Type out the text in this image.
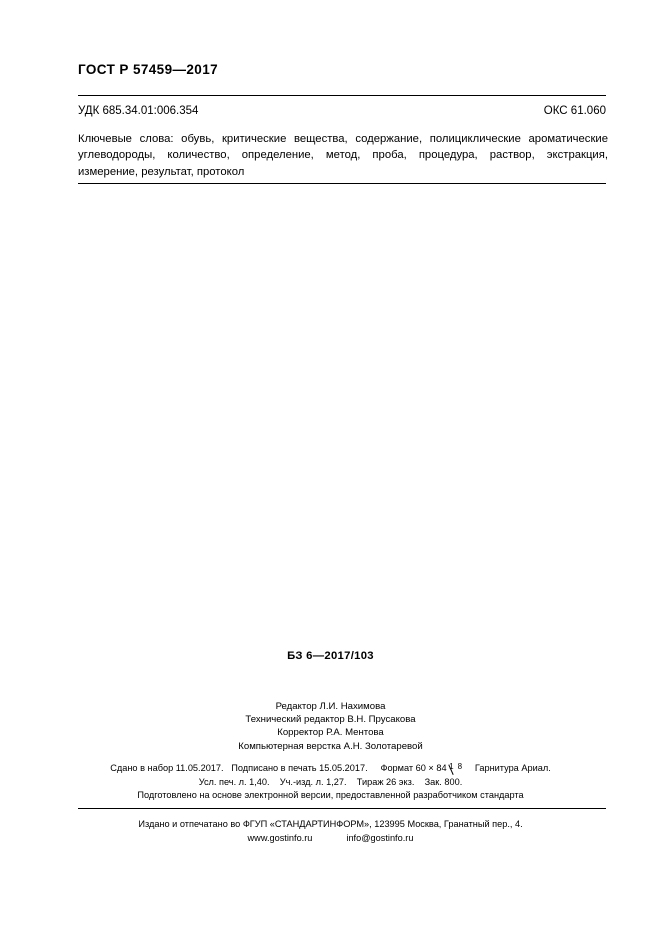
ГОСТ Р 57459—2017
УДК 685.34.01:006.354	ОКС 61.060
Ключевые слова: обувь, критические вещества, содержание, полициклические ароматические углеводороды, количество, определение, метод, проба, процедура, раствор, экстракция, измерение, результат, протокол
БЗ 6—2017/103
Редактор Л.И. Нахимова
Технический редактор В.Н. Прусакова
Корректор Р.А. Ментова
Компьютерная верстка А.Н. Золотаревой
Сдано в набор 11.05.2017. Подписано в печать 15.05.2017. Формат 60 × 84 1 8 Гарнитура Ариал.
Усл. печ. л. 1,40. Уч.-изд. л. 1,27. Тираж 26 экз. Зак. 800.
Подготовлено на основе электронной версии, предоставленной разработчиком стандарта
Издано и отпечатано во ФГУП «СТАНДАРТИНФОРМ», 123995 Москва, Гранатный пер., 4.
www.gostinfo.ru	info@gostinfo.ru
